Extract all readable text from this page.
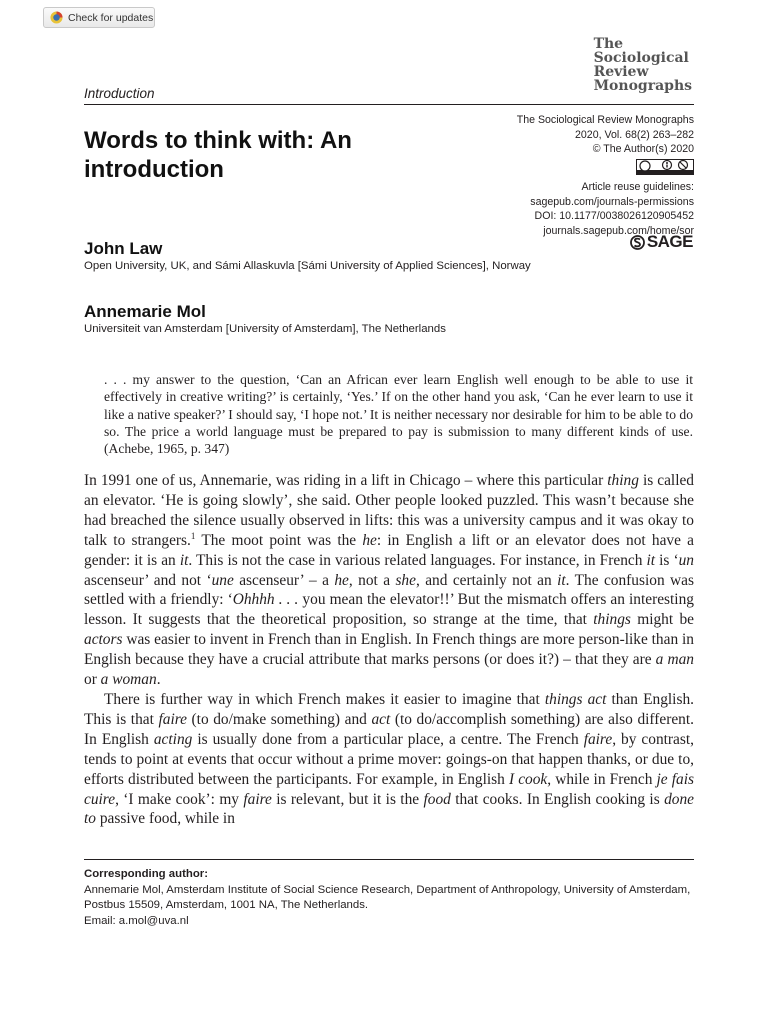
Check for updates
The
Sociological
Review
Monographs
Introduction
The Sociological Review Monographs
2020, Vol. 68(2) 263–282
© The Author(s) 2020
Article reuse guidelines:
sagepub.com/journals-permissions
DOI: 10.1177/0038026120905452
journals.sagepub.com/home/sor
SAGE
Words to think with: An introduction
John Law
Open University, UK, and Sámi Allaskuvla [Sámi University of Applied Sciences], Norway
Annemarie Mol
Universiteit van Amsterdam [University of Amsterdam], The Netherlands

. . . my answer to the question, ‘Can an African ever learn English well enough to be able to use it effectively in creative writing?’ is certainly, ‘Yes.’ If on the other hand you ask, ‘Can he ever learn to use it like a native speaker?’ I should say, ‘I hope not.’ It is neither necessary nor desirable for him to be able to do so. The price a world language must be prepared to pay is submission to many different kinds of use. (Achebe, 1965, p. 347)

In 1991 one of us, Annemarie, was riding in a lift in Chicago – where this particular thing is called an elevator. ‘He is going slowly’, she said. Other people looked puzzled. This wasn’t because she had breached the silence usually observed in lifts: this was a university campus and it was okay to talk to strangers.$^1$ The moot point was the he: in English a lift or an elevator does not have a gender: it is an it. This is not the case in various related languages. For instance, in French it is ‘un ascenseur’ and not ‘une ascenseur’ – a he, not a she, and certainly not an it. The confusion was settled with a friendly: ‘Ohhhh . . . you mean the elevator!!’ But the mismatch offers an interesting lesson. It suggests that the theoretical proposition, so strange at the time, that things might be actors was easier to invent in French than in English. In French things are more person-like than in English because they have a crucial attribute that marks persons (or does it?) – that they are a man or a woman.

There is further way in which French makes it easier to imagine that things act than English. This is that faire (to do/make something) and act (to do/accomplish something) are also different. In English acting is usually done from a particular place, a centre. The French faire, by contrast, tends to point at events that occur without a prime mover: goings-on that happen thanks, or due to, efforts distributed between the participants. For example, in English I cook, while in French je fais cuire, ‘I make cook’: my faire is relevant, but it is the food that cooks. In English cooking is done to passive food, while in

Corresponding author:
Annemarie Mol, Amsterdam Institute of Social Science Research, Department of Anthropology, University of Amsterdam, Postbus 15509, Amsterdam, 1001 NA, The Netherlands.
Email: a.mol@uva.nl
